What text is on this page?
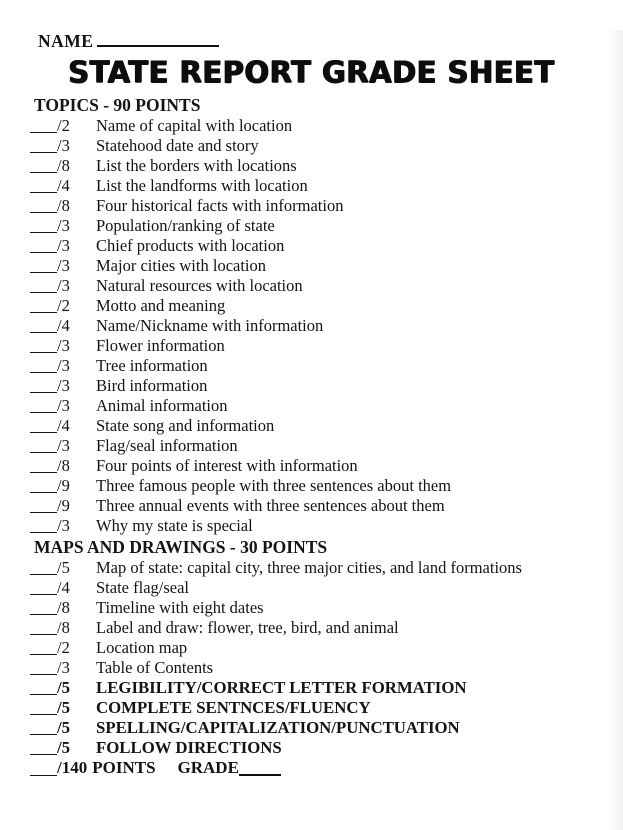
NAME
STATE REPORT GRADE SHEET
TOPICS - 90 POINTS
/2 Name of capital with location
/3 Statehood date and story
/8 List the borders with locations
/4 List the landforms with location
/8 Four historical facts with information
/3 Population/ranking of state
/3 Chief products with location
/3 Major cities with location
/3 Natural resources with location
/2 Motto and meaning
/4 Name/Nickname with information
/3 Flower information
/3 Tree information
/3 Bird information
/3 Animal information
/4 State song and information
/3 Flag/seal information
/8 Four points of interest with information
/9 Three famous people with three sentences about them
/9 Three annual events with three sentences about them
/3 Why my state is special
MAPS AND DRAWINGS - 30 POINTS
/5 Map of state: capital city, three major cities, and land formations
/4 State flag/seal
/8 Timeline with eight dates
/8 Label and draw: flower, tree, bird, and animal
/2 Location map
/3 Table of Contents
/5 LEGIBILITY/CORRECT LETTER FORMATION
/5 COMPLETE SENTNCES/FLUENCY
/5 SPELLING/CAPITALIZATION/PUNCTUATION
/5 FOLLOW DIRECTIONS
/140 POINTS GRADE
